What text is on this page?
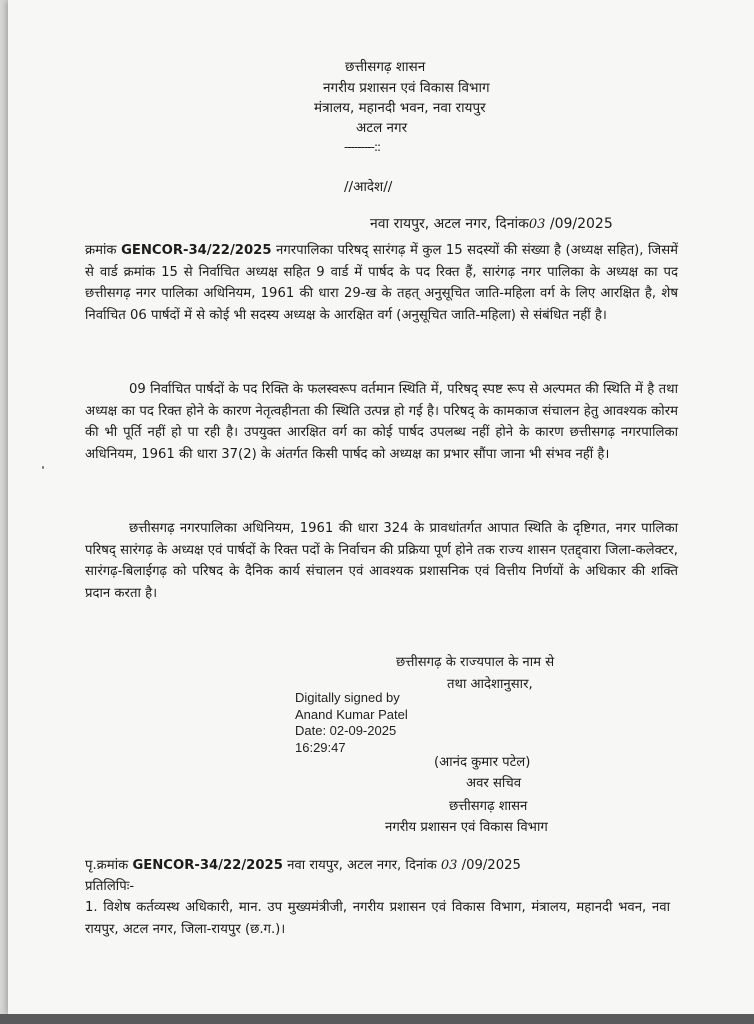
छत्तीसगढ़ शासन
नगरीय प्रशासन एवं विकास विभाग
मंत्रालय, महानदी भवन, नवा रायपुर
अटल नगर
---------::
//आदेश//
नवा रायपुर, अटल नगर, दिनांक03 /09/2025

क्रमांक GENCOR-34/22/2025 नगरपालिका परिषद् सारंगढ़ में कुल 15 सदस्यों की संख्या है (अध्यक्ष सहित), जिसमें से वार्ड क्रमांक 15 से निर्वाचित अध्यक्ष सहित 9 वार्ड में पार्षद के पद रिक्त हैं, सारंगढ़ नगर पालिका के अध्यक्ष का पद छत्तीसगढ़ नगर पालिका अधिनियम, 1961 की धारा 29-ख के तहत् अनुसूचित जाति-महिला वर्ग के लिए आरक्षित है, शेष निर्वाचित 06 पार्षदों में से कोई भी सदस्य अध्यक्ष के आरक्षित वर्ग (अनुसूचित जाति-महिला) से संबंधित नहीं है।

09 निर्वाचित पार्षदों के पद रिक्ति के फलस्वरूप वर्तमान स्थिति में, परिषद् स्पष्ट रूप से अल्पमत की स्थिति में है तथा अध्यक्ष का पद रिक्त होने के कारण नेतृत्वहीनता की स्थिति उत्पन्न हो गई है। परिषद् के कामकाज संचालन हेतु आवश्यक कोरम की भी पूर्ति नहीं हो पा रही है। उपयुक्त आरक्षित वर्ग का कोई पार्षद उपलब्ध नहीं होने के कारण छत्तीसगढ़ नगरपालिका अधिनियम, 1961 की धारा 37(2) के अंतर्गत किसी पार्षद को अध्यक्ष का प्रभार सौंपा जाना भी संभव नहीं है।

छत्तीसगढ़ नगरपालिका अधिनियम, 1961 की धारा 324 के प्रावधांतर्गत आपात स्थिति के दृष्टिगत, नगर पालिका परिषद् सारंगढ़ के अध्यक्ष एवं पार्षदों के रिक्त पदों के निर्वाचन की प्रक्रिया पूर्ण होने तक राज्य शासन एतद्द्वारा जिला-कलेक्टर, सारंगढ़-बिलाईगढ़ को परिषद के दैनिक कार्य संचालन एवं आवश्यक प्रशासनिक एवं वित्तीय निर्णयों के अधिकार की शक्ति प्रदान करता है।

छत्तीसगढ़ के राज्यपाल के नाम से
तथा आदेशानुसार,
Digitally signed by
Anand Kumar Patel
Date: 02-09-2025
16:29:47
(आनंद कुमार पटेल)
अवर सचिव
छत्तीसगढ़ शासन
नगरीय प्रशासन एवं विकास विभाग
पृ.क्रमांक GENCOR-34/22/2025 नवा रायपुर, अटल नगर, दिनांक 03 /09/2025
प्रतिलिपिः-

1. विशेष कर्तव्यस्थ अधिकारी, मान. उप मुख्यमंत्रीजी, नगरीय प्रशासन एवं विकास विभाग, मंत्रालय, महानदी भवन, नवा रायपुर, अटल नगर, जिला-रायपुर (छ.ग.)।
